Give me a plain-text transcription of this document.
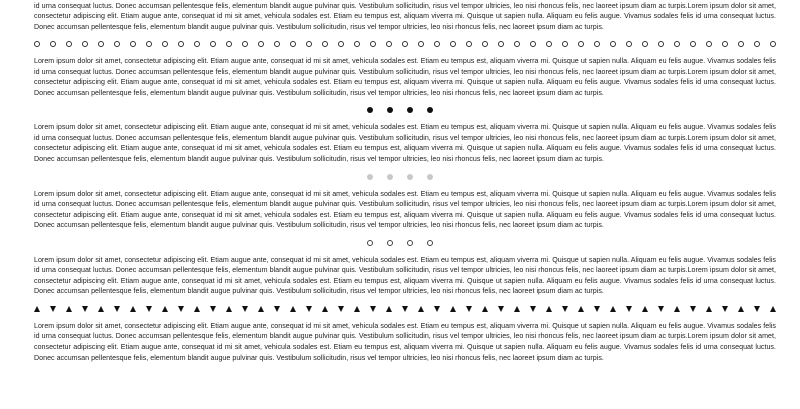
id urna consequat luctus. Donec accumsan pellentesque felis, elementum blandit augue pulvinar quis. Vestibulum sollicitudin, risus vel tempor ultricies, leo nisi rhoncus felis, nec laoreet ipsum diam ac turpis.Lorem ipsum dolor sit amet, consectetur adipiscing elit. Etiam augue ante, consequat id mi sit amet, vehicula sodales est. Etiam eu tempus est, aliquam viverra mi. Quisque ut sapien nulla. Aliquam eu felis augue. Vivamus sodales felis id urna consequat luctus. Donec accumsan pellentesque felis, elementum blandit augue pulvinar quis. Vestibulum sollicitudin, risus vel tempor ultricies, leo nisi rhoncus felis, nec laoreet ipsum diam ac turpis.

Lorem ipsum dolor sit amet, consectetur adipiscing elit. Etiam augue ante, consequat id mi sit amet, vehicula sodales est. Etiam eu tempus est, aliquam viverra mi. Quisque ut sapien nulla. Aliquam eu felis augue. Vivamus sodales felis id urna consequat luctus. Donec accumsan pellentesque felis, elementum blandit augue pulvinar quis. Vestibulum sollicitudin, risus vel tempor ultricies, leo nisi rhoncus felis, nec laoreet ipsum diam ac turpis.Lorem ipsum dolor sit amet, consectetur adipiscing elit. Etiam augue ante, consequat id mi sit amet, vehicula sodales est. Etiam eu tempus est, aliquam viverra mi. Quisque ut sapien nulla. Aliquam eu felis augue. Vivamus sodales felis id urna consequat luctus. Donec accumsan pellentesque felis, elementum blandit augue pulvinar quis. Vestibulum sollicitudin, risus vel tempor ultricies, leo nisi rhoncus felis, nec laoreet ipsum diam ac turpis.

Lorem ipsum dolor sit amet, consectetur adipiscing elit. Etiam augue ante, consequat id mi sit amet, vehicula sodales est. Etiam eu tempus est, aliquam viverra mi. Quisque ut sapien nulla. Aliquam eu felis augue. Vivamus sodales felis id urna consequat luctus. Donec accumsan pellentesque felis, elementum blandit augue pulvinar quis. Vestibulum sollicitudin, risus vel tempor ultricies, leo nisi rhoncus felis, nec laoreet ipsum diam ac turpis.Lorem ipsum dolor sit amet, consectetur adipiscing elit. Etiam augue ante, consequat id mi sit amet, vehicula sodales est. Etiam eu tempus est, aliquam viverra mi. Quisque ut sapien nulla. Aliquam eu felis augue. Vivamus sodales felis id urna consequat luctus. Donec accumsan pellentesque felis, elementum blandit augue pulvinar quis. Vestibulum sollicitudin, risus vel tempor ultricies, leo nisi rhoncus felis, nec laoreet ipsum diam ac turpis.

Lorem ipsum dolor sit amet, consectetur adipiscing elit. Etiam augue ante, consequat id mi sit amet, vehicula sodales est. Etiam eu tempus est, aliquam viverra mi. Quisque ut sapien nulla. Aliquam eu felis augue. Vivamus sodales felis id urna consequat luctus. Donec accumsan pellentesque felis, elementum blandit augue pulvinar quis. Vestibulum sollicitudin, risus vel tempor ultricies, leo nisi rhoncus felis, nec laoreet ipsum diam ac turpis.Lorem ipsum dolor sit amet, consectetur adipiscing elit. Etiam augue ante, consequat id mi sit amet, vehicula sodales est. Etiam eu tempus est, aliquam viverra mi. Quisque ut sapien nulla. Aliquam eu felis augue. Vivamus sodales felis id urna consequat luctus. Donec accumsan pellentesque felis, elementum blandit augue pulvinar quis. Vestibulum sollicitudin, risus vel tempor ultricies, leo nisi rhoncus felis, nec laoreet ipsum diam ac turpis.

Lorem ipsum dolor sit amet, consectetur adipiscing elit. Etiam augue ante, consequat id mi sit amet, vehicula sodales est. Etiam eu tempus est, aliquam viverra mi. Quisque ut sapien nulla. Aliquam eu felis augue. Vivamus sodales felis id urna consequat luctus. Donec accumsan pellentesque felis, elementum blandit augue pulvinar quis. Vestibulum sollicitudin, risus vel tempor ultricies, leo nisi rhoncus felis, nec laoreet ipsum diam ac turpis.Lorem ipsum dolor sit amet, consectetur adipiscing elit. Etiam augue ante, consequat id mi sit amet, vehicula sodales est. Etiam eu tempus est, aliquam viverra mi. Quisque ut sapien nulla. Aliquam eu felis augue. Vivamus sodales felis id urna consequat luctus. Donec accumsan pellentesque felis, elementum blandit augue pulvinar quis. Vestibulum sollicitudin, risus vel tempor ultricies, leo nisi rhoncus felis, nec laoreet ipsum diam ac turpis.

Lorem ipsum dolor sit amet, consectetur adipiscing elit. Etiam augue ante, consequat id mi sit amet, vehicula sodales est. Etiam eu tempus est, aliquam viverra mi. Quisque ut sapien nulla. Aliquam eu felis augue. Vivamus sodales felis id urna consequat luctus. Donec accumsan pellentesque felis, elementum blandit augue pulvinar quis. Vestibulum sollicitudin, risus vel tempor ultricies, leo nisi rhoncus felis, nec laoreet ipsum diam ac turpis.Lorem ipsum dolor sit amet, consectetur adipiscing elit. Etiam augue ante, consequat id mi sit amet, vehicula sodales est. Etiam eu tempus est, aliquam viverra mi. Quisque ut sapien nulla. Aliquam eu felis augue. Vivamus sodales felis id urna consequat luctus. Donec accumsan pellentesque felis, elementum blandit augue pulvinar quis. Vestibulum sollicitudin, risus vel tempor ultricies, leo nisi rhoncus felis, nec laoreet ipsum diam ac turpis.
